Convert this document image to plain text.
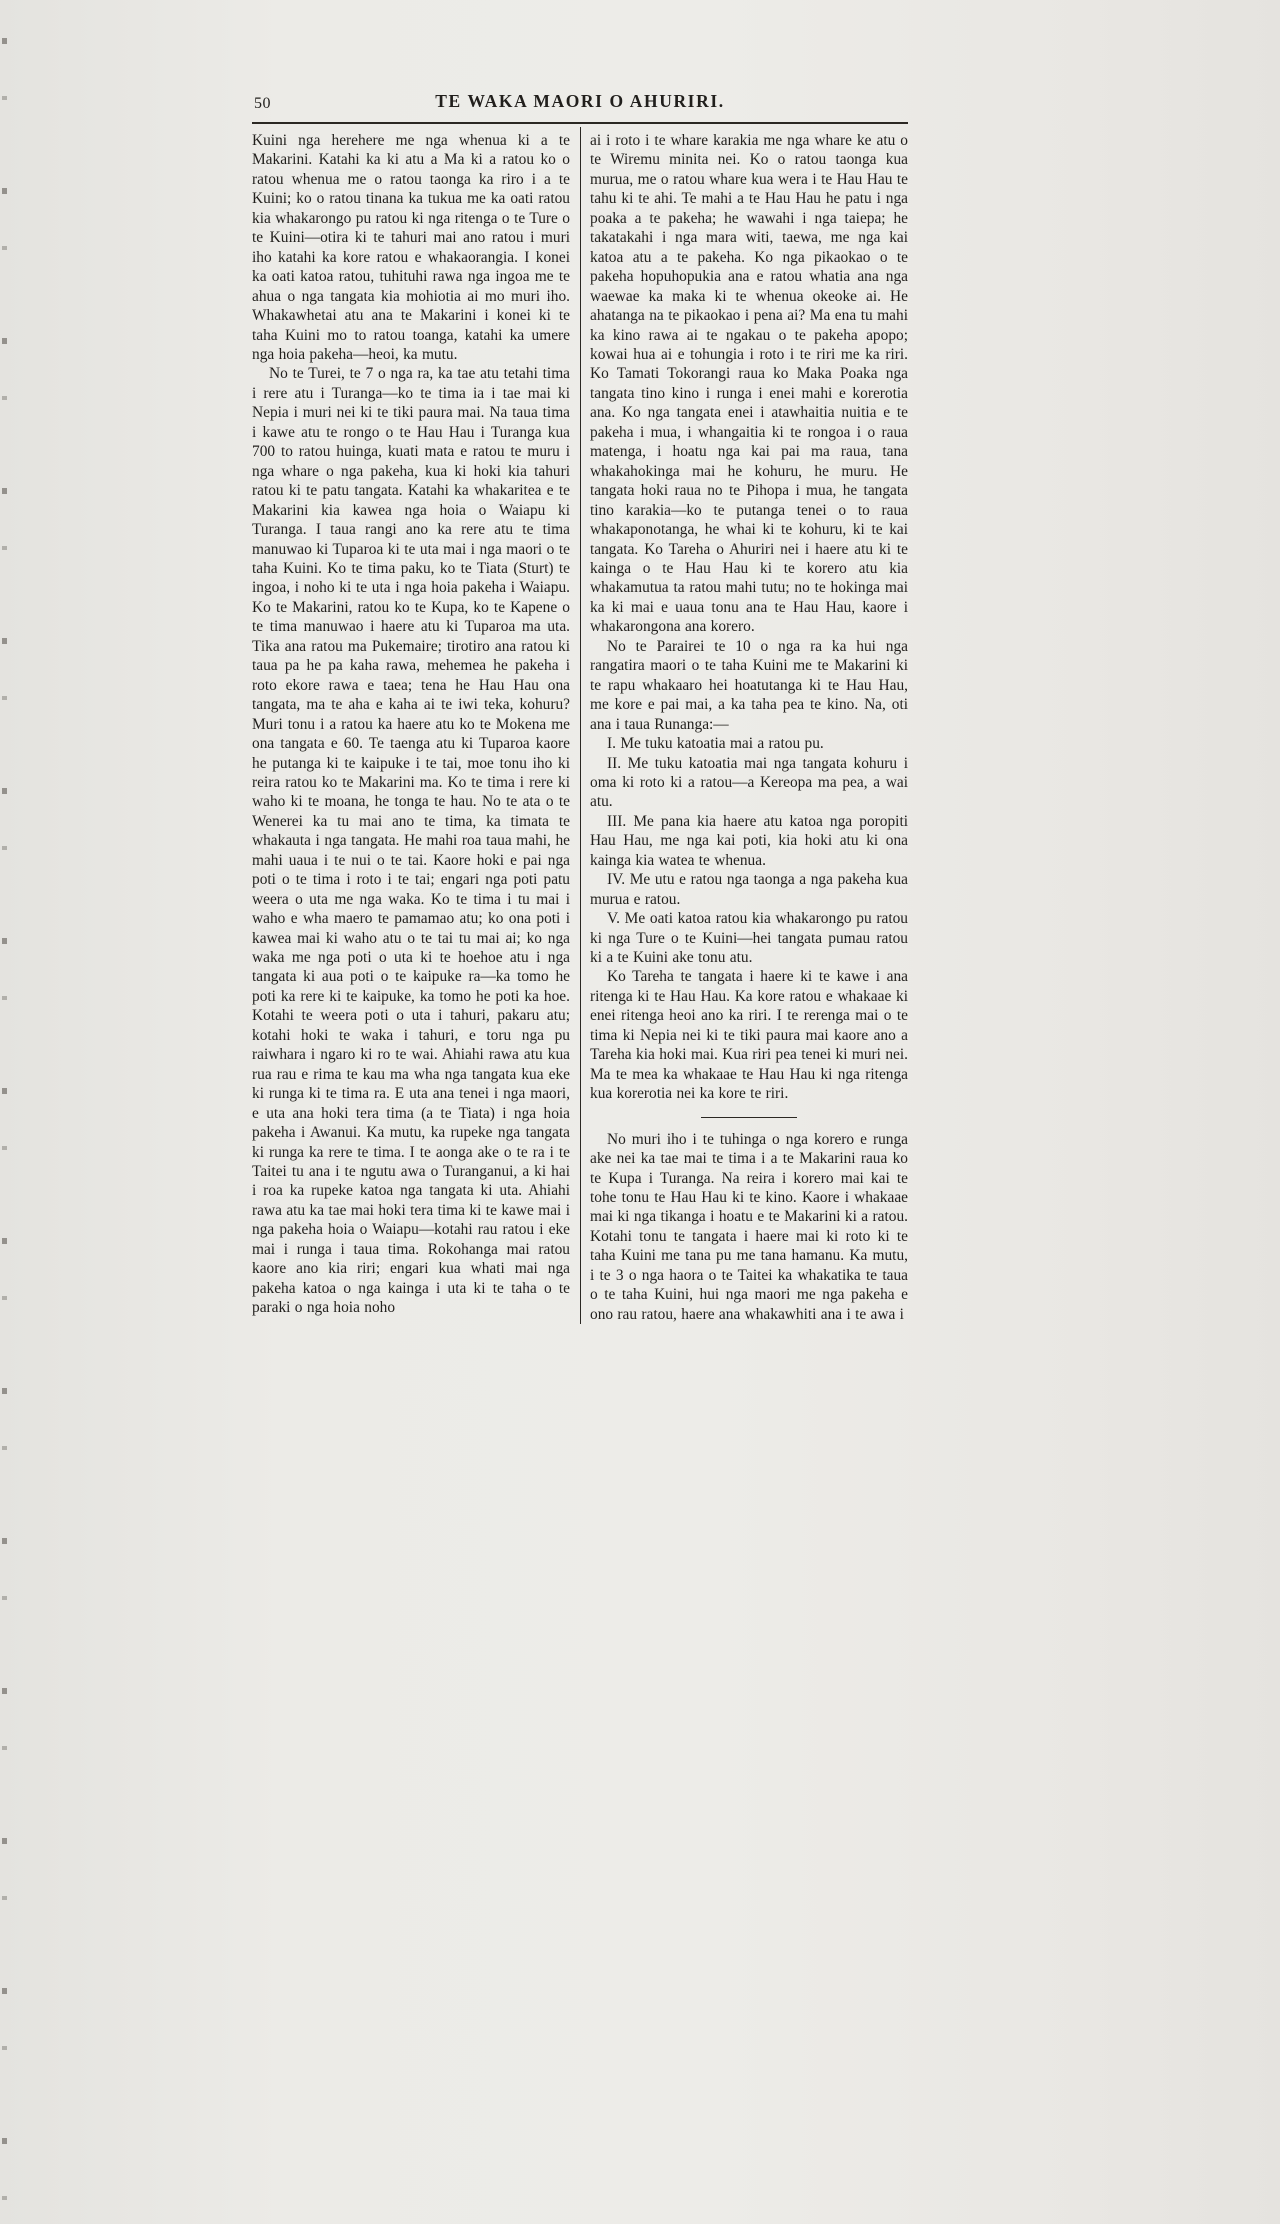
50	TE WAKA MAORI O AHURIRI.

Kuini nga herehere me nga whenua ki a te Makarini. Katahi ka ki atu a Ma ki a ratou ko o ratou whenua me o ratou taonga ka riro i a te Kuini; ko o ratou tinana ka tukua me ka oati ratou kia whakarongo pu ratou ki nga ritenga o te Ture o te Kuini—otira ki te tahuri mai ano ratou i muri iho katahi ka kore ratou e whakaorangia. I konei ka oati katoa ratou, tuhituhi rawa nga ingoa me te ahua o nga tangata kia mohiotia ai mo muri iho. Whakawhetai atu ana te Makarini i konei ki te taha Kuini mo to ratou toanga, katahi ka umere nga hoia pakeha—heoi, ka mutu.

No te Turei, te 7 o nga ra, ka tae atu tetahi tima i rere atu i Turanga—ko te tima ia i tae mai ki Nepia i muri nei ki te tiki paura mai. Na taua tima i kawe atu te rongo o te Hau Hau i Turanga kua 700 to ratou huinga, kuati mata e ratou te muru i nga whare o nga pakeha, kua ki hoki kia tahuri ratou ki te patu tangata. Katahi ka whakaritea e te Makarini kia kawea nga hoia o Waiapu ki Turanga. I taua rangi ano ka rere atu te tima manuwao ki Tuparoa ki te uta mai i nga maori o te taha Kuini. Ko te tima paku, ko te Tiata (Sturt) te ingoa, i noho ki te uta i nga hoia pakeha i Waiapu. Ko te Makarini, ratou ko te Kupa, ko te Kapene o te tima manuwao i haere atu ki Tuparoa ma uta. Tika ana ratou ma Pukemaire; tirotiro ana ratou ki taua pa he pa kaha rawa, mehemea he pakeha i roto ekore rawa e taea; tena he Hau Hau ona tangata, ma te aha e kaha ai te iwi teka, kohuru? Muri tonu i a ratou ka haere atu ko te Mokena me ona tangata e 60. Te taenga atu ki Tuparoa kaore he putanga ki te kaipuke i te tai, moe tonu iho ki reira ratou ko te Makarini ma. Ko te tima i rere ki waho ki te moana, he tonga te hau. No te ata o te Wenerei ka tu mai ano te tima, ka timata te whakauta i nga tangata. He mahi roa taua mahi, he mahi uaua i te nui o te tai. Kaore hoki e pai nga poti o te tima i roto i te tai; engari nga poti patu weera o uta me nga waka. Ko te tima i tu mai i waho e wha maero te pamamao atu; ko ona poti i kawea mai ki waho atu o te tai tu mai ai; ko nga waka me nga poti o uta ki te hoehoe atu i nga tangata ki aua poti o te kaipuke ra—ka tomo he poti ka rere ki te kaipuke, ka tomo he poti ka hoe. Kotahi te weera poti o uta i tahuri, pakaru atu; kotahi hoki te waka i tahuri, e toru nga pu raiwhara i ngaro ki ro te wai. Ahiahi rawa atu kua rua rau e rima te kau ma wha nga tangata kua eke ki runga ki te tima ra. E uta ana tenei i nga maori, e uta ana hoki tera tima (a te Tiata) i nga hoia pakeha i Awanui. Ka mutu, ka rupeke nga tangata ki runga ka rere te tima. I te aonga ake o te ra i te Taitei tu ana i te ngutu awa o Turanganui, a ki hai i roa ka rupeke katoa nga tangata ki uta. Ahiahi rawa atu ka tae mai hoki tera tima ki te kawe mai i nga pakeha hoia o Waiapu—kotahi rau ratou i eke mai i runga i taua tima. Rokohanga mai ratou kaore ano kia riri; engari kua whati mai nga pakeha katoa o nga kainga i uta ki te taha o te paraki o nga hoia noho

ai i roto i te whare karakia me nga whare ke atu o te Wiremu minita nei. Ko o ratou taonga kua murua, me o ratou whare kua wera i te Hau Hau te tahu ki te ahi. Te mahi a te Hau Hau he patu i nga poaka a te pakeha; he wawahi i nga taiepa; he takatakahi i nga mara witi, taewa, me nga kai katoa atu a te pakeha. Ko nga pikaokao o te pakeha hopuhopukia ana e ratou whatia ana nga waewae ka maka ki te whenua okeoke ai. He ahatanga na te pikaokao i pena ai? Ma ena tu mahi ka kino rawa ai te ngakau o te pakeha apopo; kowai hua ai e tohungia i roto i te riri me ka riri. Ko Tamati Tokorangi raua ko Maka Poaka nga tangata tino kino i runga i enei mahi e korerotia ana. Ko nga tangata enei i atawhaitia nuitia e te pakeha i mua, i whangaitia ki te rongoa i o raua matenga, i hoatu nga kai pai ma raua, tana whakahokinga mai he kohuru, he muru. He tangata hoki raua no te Pihopa i mua, he tangata tino karakia—ko te putanga tenei o to raua whakaponotanga, he whai ki te kohuru, ki te kai tangata. Ko Tareha o Ahuriri nei i haere atu ki te kainga o te Hau Hau ki te korero atu kia whakamutua ta ratou mahi tutu; no te hokinga mai ka ki mai e uaua tonu ana te Hau Hau, kaore i whakarongona ana korero.

No te Parairei te 10 o nga ra ka hui nga rangatira maori o te taha Kuini me te Makarini ki te rapu whakaaro hei hoatutanga ki te Hau Hau, me kore e pai mai, a ka taha pea te kino. Na, oti ana i taua Runanga:—

I. Me tuku katoatia mai a ratou pu.

II. Me tuku katoatia mai nga tangata kohuru i oma ki roto ki a ratou—a Kereopa ma pea, a wai atu.

III. Me pana kia haere atu katoa nga poropiti Hau Hau, me nga kai poti, kia hoki atu ki ona kainga kia watea te whenua.

IV. Me utu e ratou nga taonga a nga pakeha kua murua e ratou.

V. Me oati katoa ratou kia whakarongo pu ratou ki nga Ture o te Kuini—hei tangata pumau ratou ki a te Kuini ake tonu atu.

Ko Tareha te tangata i haere ki te kawe i ana ritenga ki te Hau Hau. Ka kore ratou e whakaae ki enei ritenga heoi ano ka riri. I te rerenga mai o te tima ki Nepia nei ki te tiki paura mai kaore ano a Tareha kia hoki mai. Kua riri pea tenei ki muri nei. Ma te mea ka whakaae te Hau Hau ki nga ritenga kua korerotia nei ka kore te riri.

No muri iho i te tuhinga o nga korero e runga ake nei ka tae mai te tima i a te Makarini raua ko te Kupa i Turanga. Na reira i korero mai kai te tohe tonu te Hau Hau ki te kino. Kaore i whakaae mai ki nga tikanga i hoatu e te Makarini ki a ratou. Kotahi tonu te tangata i haere mai ki roto ki te taha Kuini me tana pu me tana hamanu. Ka mutu, i te 3 o nga haora o te Taitei ka whakatika te taua o te taha Kuini, hui nga maori me nga pakeha e ono rau ratou, haere ana whakawhiti ana i te awa i
